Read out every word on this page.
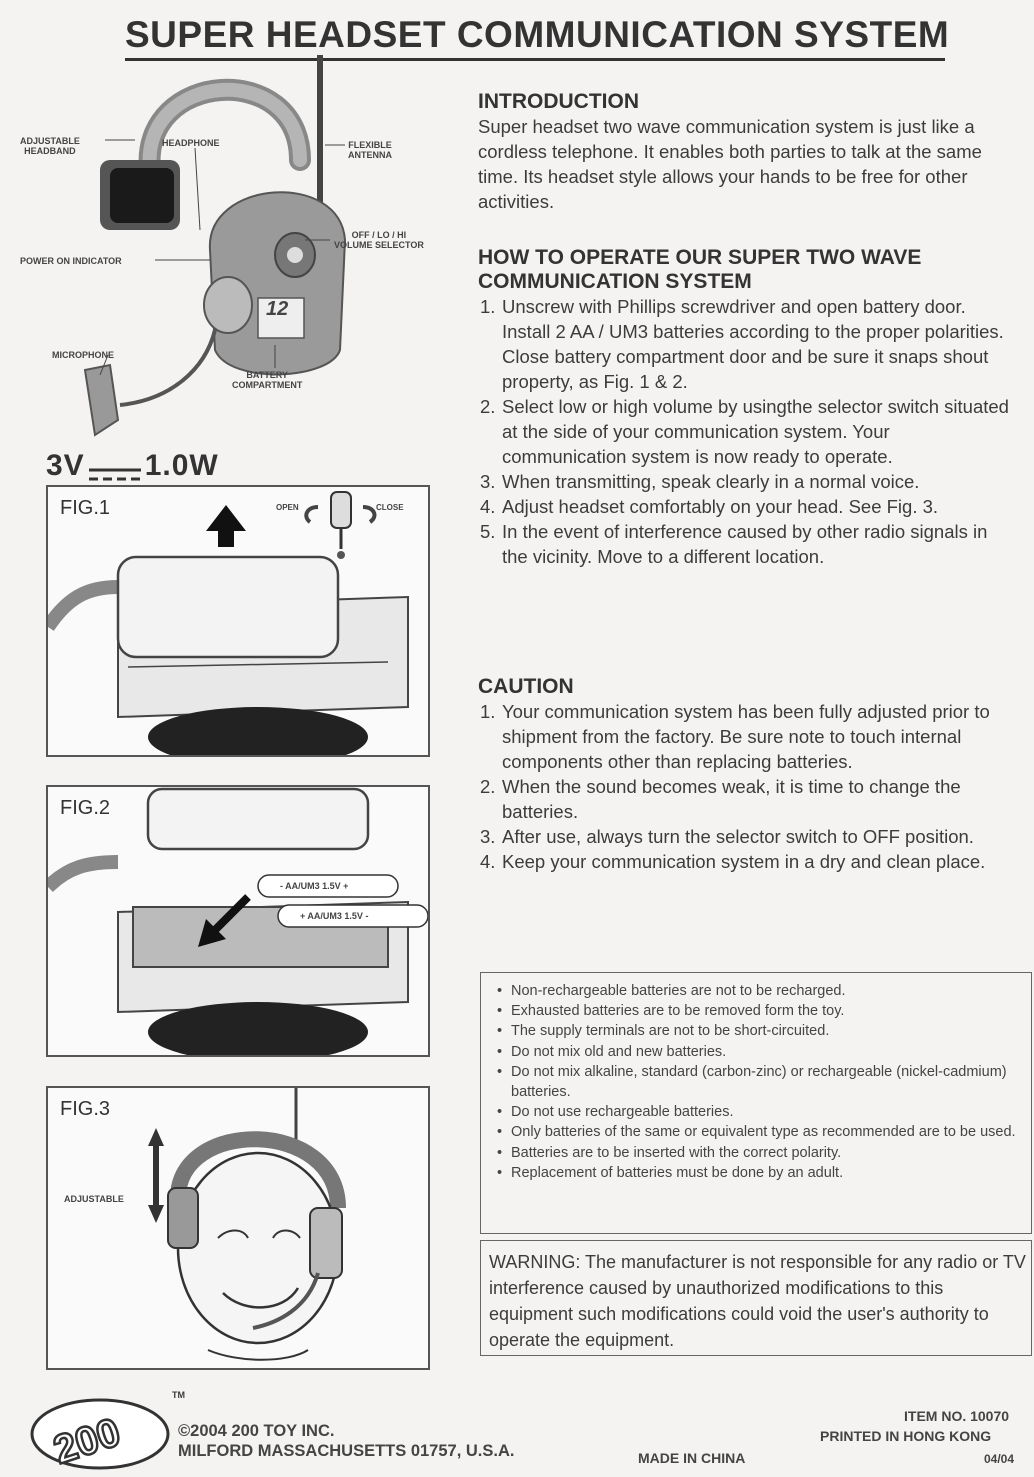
SUPER HEADSET COMMUNICATION SYSTEM
ADJUSTABLE
HEADBAND
HEADPHONE	FLEXIBLE
ANTENNA
OFF / LO / HI
VOLUME SELECTOR
POWER ON INDICATOR
MICROPHONE
BATTERY
COMPARTMENT
12
3V 1.0W
FIG.1	OPEN	CLOSE
FIG.2
- AA/UM3 1.5V +
+ AA/UM3 1.5V -
FIG.3
ADJUSTABLE
INTRODUCTION

Super headset two wave communication system is just like a cordless telephone. It enables both parties to talk at the same time. Its headset style allows your hands to be free for other activities.

HOW TO OPERATE OUR SUPER TWO WAVE COMMUNICATION SYSTEM
1. Unscrew with Phillips screwdriver and open battery door. Install 2 AA / UM3 batteries according to the proper polarities. Close battery compartment door and be sure it snaps shout property, as Fig. 1 & 2.
2. Select low or high volume by usingthe selector switch situated at the side of your communication system. Your communication system is now ready to operate.
3. When transmitting, speak clearly in a normal voice.
4. Adjust headset comfortably on your head. See Fig. 3.
5. In the event of interference caused by other radio signals in the vicinity. Move to a different location.
CAUTION
1. Your communication system has been fully adjusted prior to shipment from the factory. Be sure note to touch internal components other than replacing batteries.
2. When the sound becomes weak, it is time to change the batteries.
3. After use, always turn the selector switch to OFF position.
4. Keep your communication system in a dry and clean place.
• Non-rechargeable batteries are not to be recharged.
• Exhausted batteries are to be removed form the toy.
• The supply terminals are not to be short-circuited.
• Do not mix old and new batteries.
• Do not mix alkaline, standard (carbon-zinc) or rechargeable (nickel-cadmium) batteries.
• Do not use rechargeable batteries.
• Only batteries of the same or equivalent type as recommended are to be used.
• Batteries are to be inserted with the correct polarity.
• Replacement of batteries must be done by an adult.
WARNING: The manufacturer is not responsible for any radio or TV interference caused by unauthorized modifications to this equipment such modifications could void the user's authority to operate the equipment.
200
TM
©2004 200 TOY INC.
MILFORD MASSACHUSETTS 01757, U.S.A.	MADE IN CHINA
ITEM NO. 10070
PRINTED IN HONG KONG
04/04
